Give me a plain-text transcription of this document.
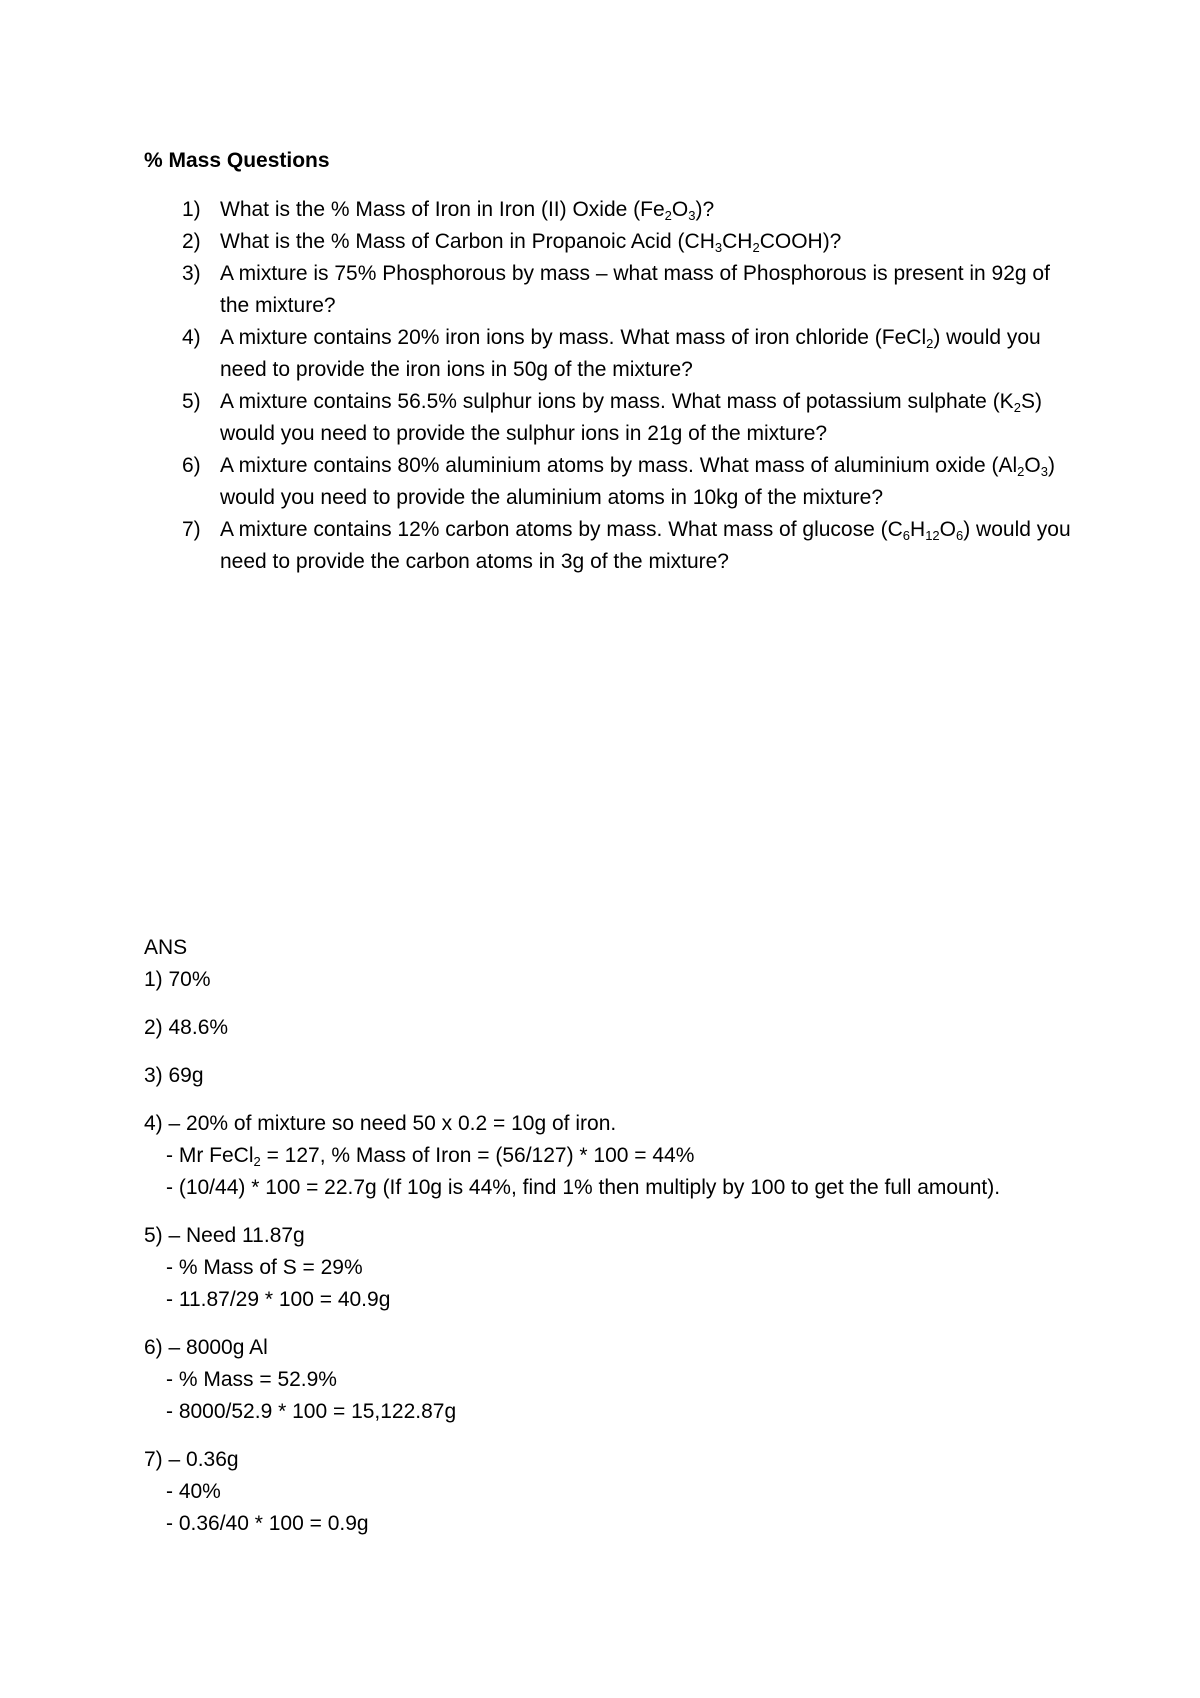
% Mass Questions
1) What is the % Mass of Iron in Iron (II) Oxide $(Fe_2O_3)$?
2) What is the % Mass of Carbon in Propanoic Acid $(CH_3CH_2COOH)$?
3) A mixture is 75% Phosphorous by mass – what mass of Phosphorous is present in 92g of the mixture?
4) A mixture contains 20% iron ions by mass. What mass of iron chloride (FeCl$_2$) would you need to provide the iron ions in 50g of the mixture?
5) A mixture contains 56.5% sulphur ions by mass. What mass of potassium sulphate $(K_2S)$ would you need to provide the sulphur ions in 21g of the mixture?
6) A mixture contains 80% aluminium atoms by mass. What mass of aluminium oxide $(Al_2O_3)$ would you need to provide the aluminium atoms in 10kg of the mixture?
7) A mixture contains 12% carbon atoms by mass. What mass of glucose $(C_6H_{12}O_6)$ would you need to provide the carbon atoms in 3g of the mixture?

ANS

1) 70%

2) 48.6%

3) 69g

4) – 20% of mixture so need 50 x 0.2 = 10g of iron.

- Mr FeCl$_2$ = 127, % Mass of Iron = (56/127) * 100 = 44%

- (10/44) * 100 = 22.7g (If 10g is 44%, find 1% then multiply by 100 to get the full amount).

5) – Need 11.87g

- % Mass of S = 29%

- 11.87/29 * 100 = 40.9g

6) – 8000g Al

- % Mass = 52.9%

- 8000/52.9 * 100 = 15,122.87g

7) – 0.36g

- 40%

- 0.36/40 * 100 = 0.9g
